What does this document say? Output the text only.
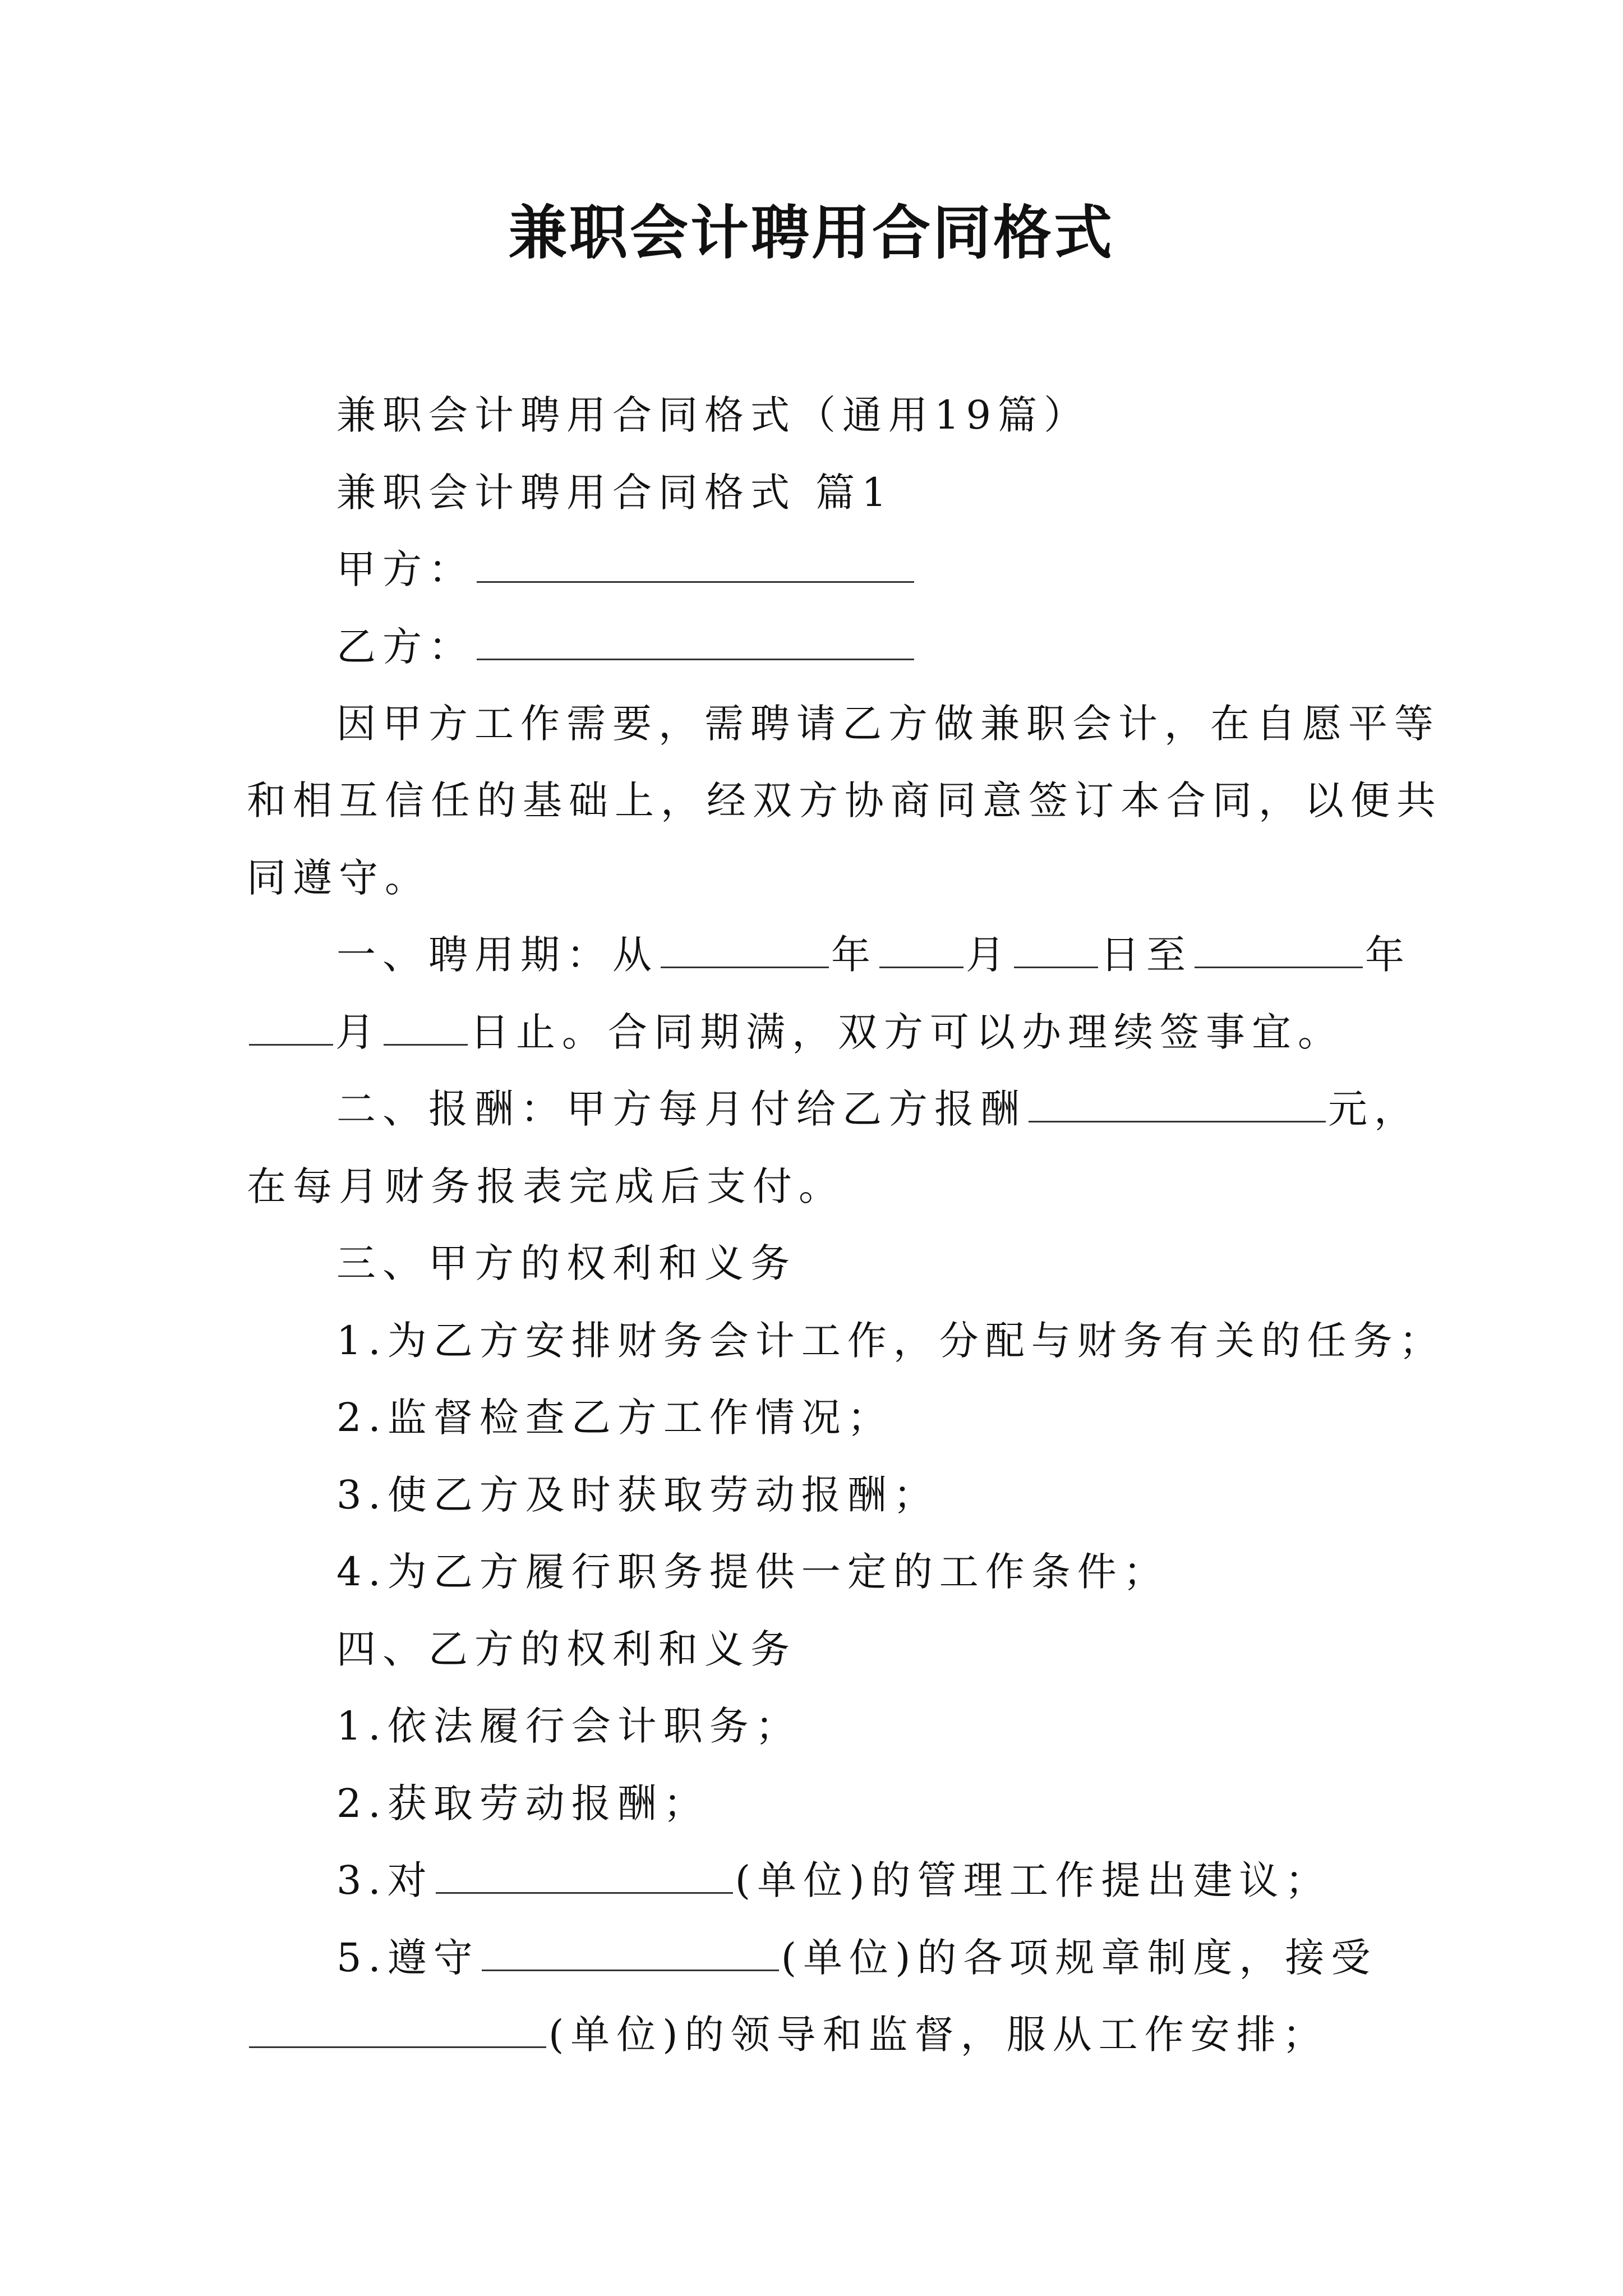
兼职会计聘用合同格式
兼职会计聘用合同格式（通用19篇）
兼职会计聘用合同格式 篇1
甲方：
乙方：
因甲方工作需要，需聘请乙方做兼职会计，在自愿平等
和相互信任的基础上，经双方协商同意签订本合同，以便共
同遵守。
一、聘用期：从	年 月 日至	年
月 日止。合同期满，双方可以办理续签事宜。
二、报酬：甲方每月付给乙方报酬	元，
在每月财务报表完成后支付。
三、甲方的权利和义务
1.为乙方安排财务会计工作，分配与财务有关的任务；
2.监督检查乙方工作情况；
3.使乙方及时获取劳动报酬；
4.为乙方履行职务提供一定的工作条件；
四、乙方的权利和义务
1.依法履行会计职务；
2.获取劳动报酬；
3.对	(单位)的管理工作提出建议；
5.遵守	(单位)的各项规章制度，接受
(单位)的领导和监督，服从工作安排；
